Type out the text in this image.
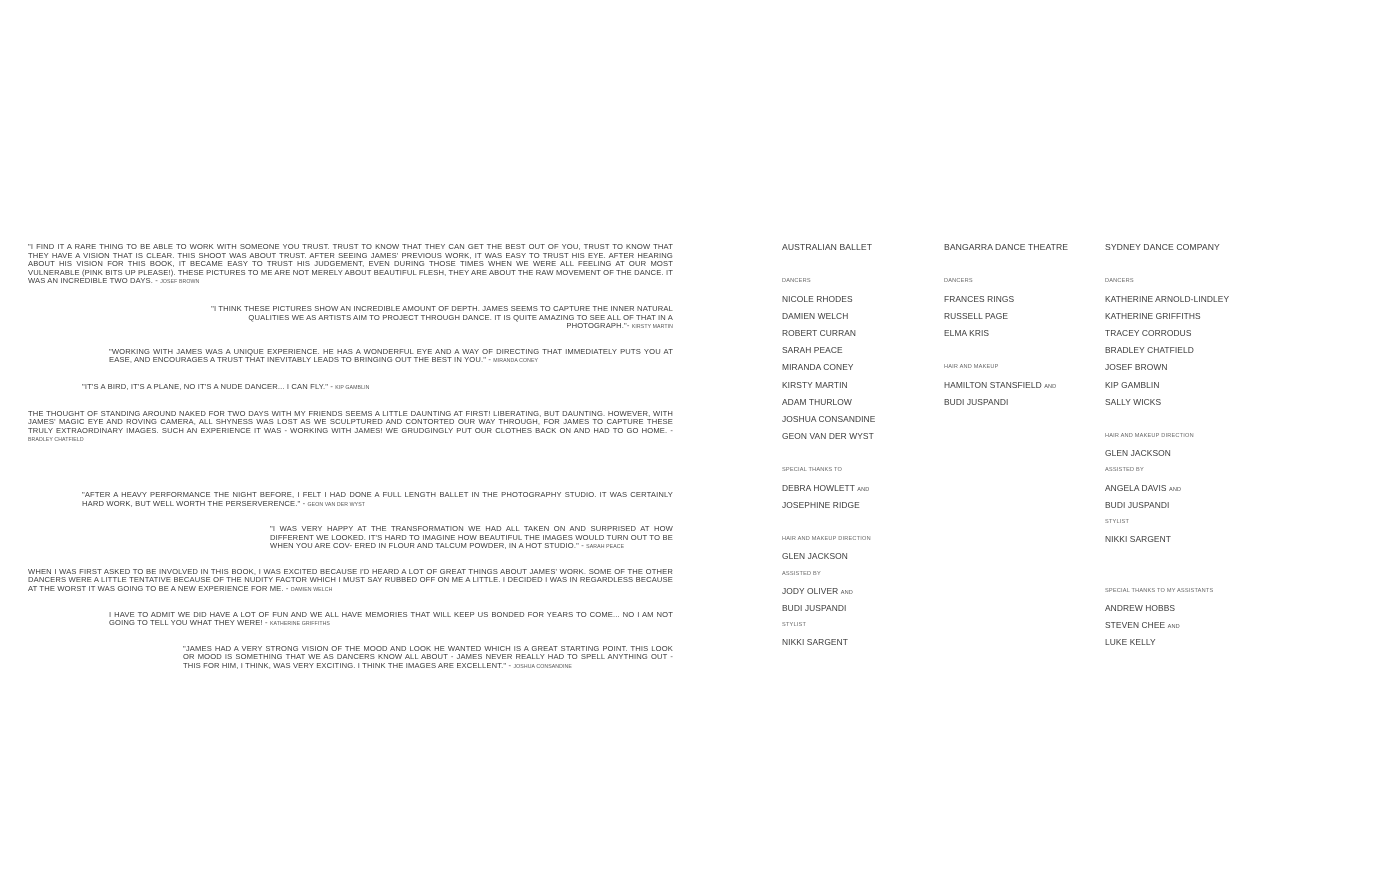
"I FIND IT A RARE THING TO BE ABLE TO WORK WITH SOMEONE YOU TRUST. TRUST TO KNOW THAT THEY CAN GET THE BEST OUT OF YOU, TRUST TO KNOW THAT THEY HAVE A VISION THAT IS CLEAR. THIS SHOOT WAS ABOUT TRUST. AFTER SEEING JAMES' PREVIOUS WORK, IT WAS EASY TO TRUST HIS EYE. AFTER HEARING ABOUT HIS VISION FOR THIS BOOK, IT BECAME EASY TO TRUST HIS JUDGEMENT, EVEN DURING THOSE TIMES WHEN WE WERE ALL FEELING AT OUR MOST VULNERABLE (PINK BITS UP PLEASE!). THESE PICTURES TO ME ARE NOT MERELY ABOUT BEAUTIFUL FLESH, THEY ARE ABOUT THE RAW MOVEMENT OF THE DANCE. IT WAS AN INCREDIBLE TWO DAYS. - JOSEF BROWN

"I THINK THESE PICTURES SHOW AN INCREDIBLE AMOUNT OF DEPTH. JAMES SEEMS TO CAPTURE THE INNER NATURAL QUALITIES WE AS ARTISTS AIM TO PROJECT THROUGH DANCE. IT IS QUITE AMAZING TO SEE ALL OF THAT IN A PHOTOGRAPH."- KIRSTY MARTIN

"WORKING WITH JAMES WAS A UNIQUE EXPERIENCE. HE HAS A WONDERFUL EYE AND A WAY OF DIRECTING THAT IMMEDIATELY PUTS YOU AT EASE, AND ENCOURAGES A TRUST THAT INEVITABLY LEADS TO BRINGING OUT THE BEST IN YOU." - MIRANDA CONEY

"IT'S A BIRD, IT'S A PLANE, NO IT'S A NUDE DANCER... I CAN FLY." - KIP GAMBLIN

THE THOUGHT OF STANDING AROUND NAKED FOR TWO DAYS WITH MY FRIENDS SEEMS A LITTLE DAUNTING AT FIRST! LIBERATING, BUT DAUNTING. HOWEVER, WITH JAMES' MAGIC EYE AND ROVING CAMERA, ALL SHYNESS WAS LOST AS WE SCULPTURED AND CONTORTED OUR WAY THROUGH, FOR JAMES TO CAPTURE THESE TRULY EXTRAORDINARY IMAGES. SUCH AN EXPERIENCE IT WAS - WORKING WITH JAMES! WE GRUDGINGLY PUT OUR CLOTHES BACK ON AND HAD TO GO HOME. - BRADLEY CHATFIELD

"AFTER A HEAVY PERFORMANCE THE NIGHT BEFORE, I FELT I HAD DONE A FULL LENGTH BALLET IN THE PHOTOGRAPHY STUDIO. IT WAS CERTAINLY HARD WORK, BUT WELL WORTH THE PERSERVERENCE." - GEON VAN DER WYST

"I WAS VERY HAPPY AT THE TRANSFORMATION WE HAD ALL TAKEN ON AND SURPRISED AT HOW DIFFERENT WE LOOKED. IT'S HARD TO IMAGINE HOW BEAUTIFUL THE IMAGES WOULD TURN OUT TO BE WHEN YOU ARE COV- ERED IN FLOUR AND TALCUM POWDER, IN A HOT STUDIO." - SARAH PEACE

WHEN I WAS FIRST ASKED TO BE INVOLVED IN THIS BOOK, I WAS EXCITED BECAUSE I'D HEARD A LOT OF GREAT THINGS ABOUT JAMES' WORK. SOME OF THE OTHER DANCERS WERE A LITTLE TENTATIVE BECAUSE OF THE NUDITY FACTOR WHICH I MUST SAY RUBBED OFF ON ME A LITTLE. I DECIDED I WAS IN REGARDLESS BECAUSE AT THE WORST IT WAS GOING TO BE A NEW EXPERIENCE FOR ME. - DAMIEN WELCH

I HAVE TO ADMIT WE DID HAVE A LOT OF FUN AND WE ALL HAVE MEMORIES THAT WILL KEEP US BONDED FOR YEARS TO COME... NO I AM NOT GOING TO TELL YOU WHAT THEY WERE! - KATHERINE GRIFFITHS

"JAMES HAD A VERY STRONG VISION OF THE MOOD AND LOOK HE WANTED WHICH IS A GREAT STARTING POINT. THIS LOOK OR MOOD IS SOMETHING THAT WE AS DANCERS KNOW ALL ABOUT - JAMES NEVER REALLY HAD TO SPELL ANYTHING OUT - THIS FOR HIM, I THINK, WAS VERY EXCITING. I THINK THE IMAGES ARE EXCELLENT." - JOSHUA CONSANDINE

AUSTRALIAN BALLET
DANCERS
NICOLE RHODES
DAMIEN WELCH
ROBERT CURRAN
SARAH PEACE
MIRANDA CONEY
KIRSTY MARTIN
ADAM THURLOW
JOSHUA CONSANDINE
GEON VAN DER WYST
SPECIAL THANKS TO
DEBRA HOWLETT AND
JOSEPHINE RIDGE
HAIR AND MAKEUP DIRECTION
GLEN JACKSON
ASSISTED BY
JODY OLIVER AND
BUDI JUSPANDI
STYLIST
NIKKI SARGENT
BANGARRA DANCE THEATRE
DANCERS
FRANCES RINGS
RUSSELL PAGE
ELMA KRIS
HAIR AND MAKEUP
HAMILTON STANSFIELD AND
BUDI JUSPANDI
SYDNEY DANCE COMPANY
DANCERS
KATHERINE ARNOLD-LINDLEY
KATHERINE GRIFFITHS
TRACEY CORRODUS
BRADLEY CHATFIELD
JOSEF BROWN
KIP GAMBLIN
SALLY WICKS
HAIR AND MAKEUP DIRECTION
GLEN JACKSON
ASSISTED BY
ANGELA DAVIS AND
BUDI JUSPANDI
STYLIST
NIKKI SARGENT
SPECIAL THANKS TO MY ASSISTANTS
ANDREW HOBBS
STEVEN CHEE AND
LUKE KELLY
